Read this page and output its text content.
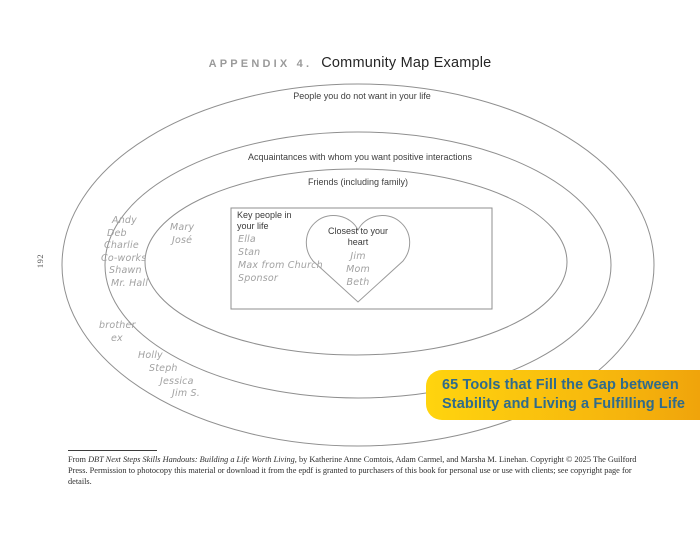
APPENDIX 4. Community Map Example
People you do not want in your life
Acquaintances with whom you want positive interactions
Friends (including family)
Key people in your life
Ella
Stan
Max from Church
Sponsor
Closest to your heart
Jim
Mom
Beth
Andy
Deb
Charlie
Co-works
Shawn
Mr. Hall
Mary
José
brother
ex
Holly
Steph
Jessica
Jim S.
65 Tools that Fill the Gap between
Stability and Living a Fulfilling Life
192
From DBT Next Steps Skills Handouts: Building a Life Worth Living, by Katherine Anne Comtois, Adam Carmel, and Marsha M. Linehan. Copyright © 2025 The Guilford Press. Permission to photocopy this material or download it from the epdf is granted to purchasers of this book for personal use or use with clients; see copyright page for details.
